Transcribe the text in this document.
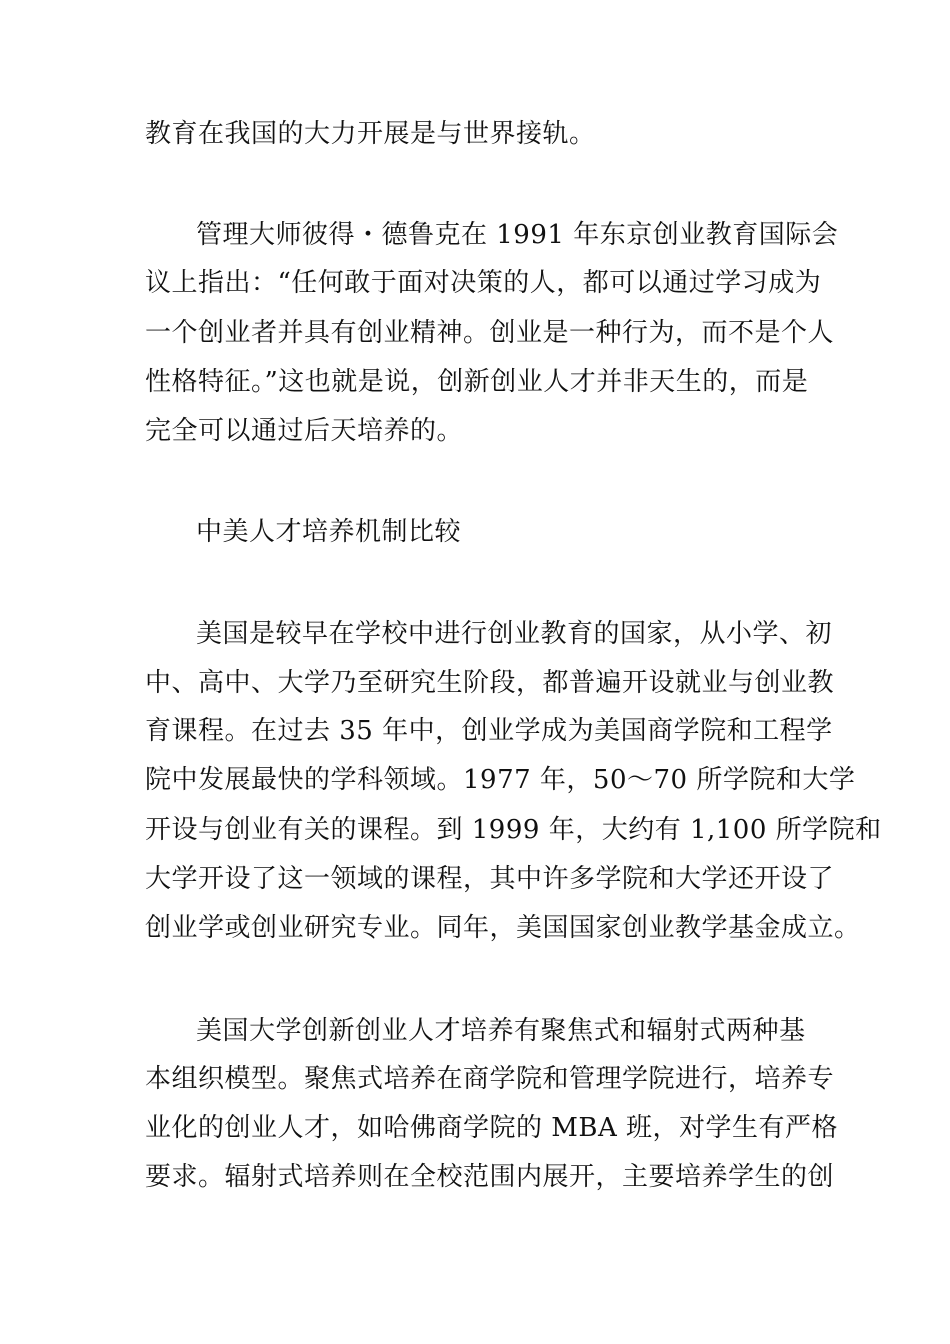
教育在我国的大力开展是与世界接轨。
管理大师彼得・德鲁克在 1991 年东京创业教育国际会
议上指出：“任何敢于面对决策的人，都可以通过学习成为
一个创业者并具有创业精神。创业是一种行为，而不是个人
性格特征。”这也就是说，创新创业人才并非天生的，而是
完全可以通过后天培养的。
中美人才培养机制比较
美国是较早在学校中进行创业教育的国家，从小学、初
中、高中、大学乃至研究生阶段，都普遍开设就业与创业教
育课程。在过去 35 年中，创业学成为美国商学院和工程学
院中发展最快的学科领域。1977 年，50～70 所学院和大学
开设与创业有关的课程。到 1999 年，大约有 1,100 所学院和
大学开设了这一领域的课程，其中许多学院和大学还开设了
创业学或创业研究专业。同年，美国国家创业教学基金成立。
美国大学创新创业人才培养有聚焦式和辐射式两种基
本组织模型。聚焦式培养在商学院和管理学院进行，培养专
业化的创业人才，如哈佛商学院的 MBA 班，对学生有严格
要求。辐射式培养则在全校范围内展开，主要培养学生的创
